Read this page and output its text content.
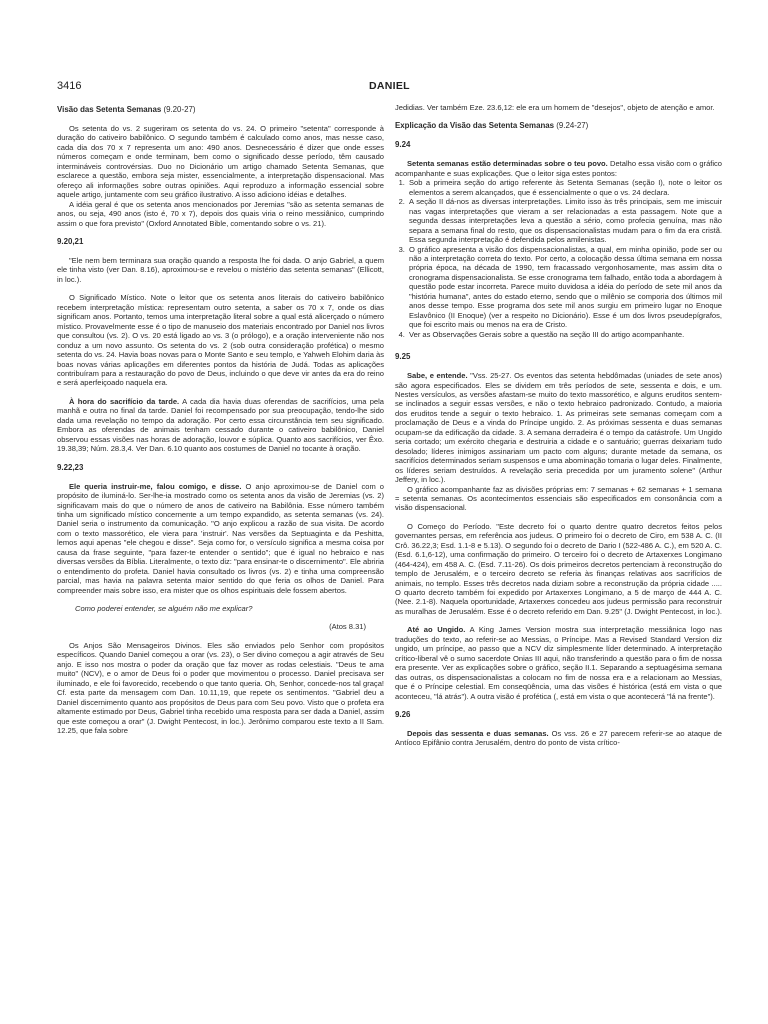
3416	DANIEL
Visão das Setenta Semanas (9.20-27)

Os setenta do vs. 2 sugeriram os setenta do vs. 24. O primeiro "setenta" corresponde à duração do cativeiro babilônico. O segundo também é calculado como anos, mas nesse caso, cada dia dos 70 x 7 representa um ano: 490 anos. Desnecessário é dizer que onde esses números começam e onde terminam, bem como o significado desse período, têm causado intermináveis controvérsias. Duo no Dicionário um artigo chamado Setenta Semanas, que esclarece a questão, embora seja mister, essencialmente, a interpretação dispensacional. Mas ofereço ali informações sobre outras opiniões. Aqui reproduzo a informação essencial sobre aquele artigo, juntamente com seu gráfico ilustrativo. A isso adiciono idéias e detalhes.

A idéia geral é que os setenta anos mencionados por Jeremias "são as setenta semanas de anos, ou seja, 490 anos (isto é, 70 x 7), depois dos quais viria o reino messiânico, cumprindo assim o que fora previsto" (Oxford Annotated Bible, comentando sobre o vs. 21).

9.20,21

"Ele nem bem terminara sua oração quando a resposta lhe foi dada. O anjo Gabriel, a quem ele tinha visto (ver Dan. 8.16), aproximou-se e revelou o mistério das setenta semanas" (Ellicott, in loc.).

O Significado Místico. Note o leitor que os setenta anos literais do cativeiro babilônico recebem interpretação mística: representam outro setenta, a saber os 70 x 7, onde os dias significam anos. Portanto, temos uma interpretação literal sobre a qual está alicerçado o número místico. Provavelmente esse é o tipo de manuseio dos materiais encontrado por Daniel nos livros que consultou (vs. 2). O vs. 20 está ligado ao vs. 3 (o prólogo), e a oração interveniente não nos conduz a um novo assunto. Os setenta do vs. 2 (sob outra consideração profética) o mesmo setenta do vs. 24. Havia boas novas para o Monte Santo e seu templo, e Yahweh Elohim daria às boas novas várias aplicações em diferentes pontos da história de Judá. Todas as aplicações contribuíram para a restauração do povo de Deus, incluindo o que deve vir antes da era do reino e será aperfeiçoado naquela era.

À hora do sacrifício da tarde. A cada dia havia duas oferendas de sacrifícios, uma pela manhã e outra no final da tarde. Daniel foi recompensado por sua preocupação, tendo-lhe sido dada uma revelação no tempo da adoração. Por certo essa circunstância tem seu significado. Embora as oferendas de animais tenham cessado durante o cativeiro babilônico, Daniel observou essas visões nas horas de adoração, louvor e súplica. Quanto aos sacrifícios, ver Êxo. 19.38,39; Núm. 28.3,4. Ver Dan. 6.10 quanto aos costumes de Daniel no tocante à oração.

9.22,23

Ele queria instruir-me, falou comigo, e disse. O anjo aproximou-se de Daniel com o propósito de iluminá-lo. Ser-lhe-ia mostrado como os setenta anos da visão de Jeremias (vs. 2) significavam mais do que o número de anos de cativeiro na Babilônia. Esse número também tinha um significado místico concernente a um tempo expandido, as setenta semanas (vs. 24). Daniel seria o instrumento da comunicação. "O anjo explicou a razão de sua visita. De acordo com o texto massorético, ele viera para 'instruir'. Nas versões da Septuaginta e da Peshitta, lemos aqui apenas "ele chegou e disse". Seja como for, o versículo significa a mesma coisa por causa da frase seguinte, "para fazer-te entender o sentido"; que é igual no hebraico e nas diversas versões da Bíblia. Literalmente, o texto diz: "para ensinar-te o discernimento". Ele abriria o entendimento do profeta. Daniel havia consultado os livros (vs. 2) e tinha uma compreensão parcial, mas havia na palavra setenta maior sentido do que feria os olhos de Daniel. Para compreender mais sobre isso, era mister que os olhos espirituais dele fossem abertos.

Como poderei entender, se alguém não me explicar?

(Atos 8.31)

Os Anjos São Mensageiros Divinos. Eles são enviados pelo Senhor com propósitos específicos. Quando Daniel começou a orar (vs. 23), o Ser divino começou a agir através de Seu anjo. E isso nos mostra o poder da oração que faz mover as rodas celestiais. "Deus te ama muito" (NCV), e o amor de Deus foi o poder que movimentou o processo. Daniel precisava ser iluminado, e ele foi favorecido, recebendo o que tanto queria. Oh, Senhor, concede-nos tal graça! Cf. esta parte da mensagem com Dan. 10.11,19, que repete os sentimentos. "Gabriel deu a Daniel discernimento quanto aos propósitos de Deus para com Seu povo. Visto que o profeta era altamente estimado por Deus, Gabriel tinha recebido uma resposta para ser dada a Daniel, assim que este começou a orar" (J. Dwight Pentecost, in loc.). Jerônimo comparou este texto a II Sam. 12.25, que fala sobre

Jedidias. Ver também Eze. 23.6,12: ele era um homem de "desejos", objeto de atenção e amor.

Explicação da Visão das Setenta Semanas (9.24-27)

9.24

Setenta semanas estão determinadas sobre o teu povo. Detalho essa visão com o gráfico acompanhante e suas explicações. Que o leitor siga estes pontos:

1. Sob a primeira seção do artigo referente às Setenta Semanas (seção I), note o leitor os elementos a serem alcançados, que é essencialmente o que o vs. 24 declara.
2. A seção II dá-nos as diversas interpretações. Limito isso às três principais, sem me imiscuir nas vagas interpretações que vieram a ser relacionadas a esta passagem. Note que a segunda dessas interpretações leva a questão a sério, como profecia genuína, mas não separa a semana final do resto, que os dispensacionalistas mudam para o fim da era cristã. Essa segunda interpretação é defendida pelos amilenistas.
3. O gráfico apresenta a visão dos dispensacionalistas, a qual, em minha opinião, pode ser ou não a interpretação correta do texto. Por certo, a colocação dessa última semana em nossa própria época, na década de 1990, tem fracassado vergonhosamente, mas assim dita o cronograma dispensacionalista. Se esse cronograma tem falhado, então toda a abordagem à questão pode estar incorreta. Parece muito duvidosa a idéia do período de sete mil anos da "história humana", antes do estado eterno, sendo que o milênio se comporia dos últimos mil anos desse tempo. Esse programa dos sete mil anos surgiu em primeiro lugar no Enoque Eslavônico (II Enoque) (ver a respeito no Dicionário). Esse é um dos livros pseudepígrafos, que foi escrito mais ou menos na era de Cristo.
4. Ver as Observações Gerais sobre a questão na seção III do artigo acompanhante.

9.25

Sabe, e entende. "Vss. 25-27. Os eventos das setenta hebdômadas (uniades de sete anos) são agora especificados. Eles se dividem em três períodos de sete, sessenta e dois, e um. Nestes versículos, as versões afastam-se muito do texto massorético, e alguns eruditos sentem-se inclinados a seguir essas versões, e não o texto hebraico padronizado. Contudo, a maioria dos eruditos tende a seguir o texto hebraico. 1. As primeiras sete semanas começam com a proclamação de Deus e a vinda do Príncipe ungido. 2. As próximas sessenta e duas semanas ocupam-se da edificação da cidade. 3. A semana derradeira é o tempo da catástrofe. Um Ungido seria cortado; um exército chegaria e destruiria a cidade e o santuário; guerras deixariam tudo desolado; líderes inimigos assinariam um pacto com alguns; durante metade da semana, os sacrifícios determinados seriam suspensos e uma abominação tomaria o lugar deles. Finalmente, os líderes seriam destruídos. A revelação seria precedida por um juramento solene" (Arthur Jeffery, in loc.).

O gráfico acompanhante faz as divisões próprias em: 7 semanas + 62 semanas + 1 semana = setenta semanas. Os acontecimentos essenciais são especificados em consonância com a visão dispensacional.

O Começo do Período. "Este decreto foi o quarto dentre quatro decretos feitos pelos governantes persas, em referência aos judeus. O primeiro foi o decreto de Ciro, em 538 A. C. (II Crô. 36.22,3; Esd. 1.1-8 e 5.13). O segundo foi o decreto de Dario I (522-486 A. C.), em 520 A. C. (Esd. 6.1,6-12), uma confirmação do primeiro. O terceiro foi o decreto de Artaxerxes Longimano (464-424), em 458 A. C. (Esd. 7.11-26). Os dois primeiros decretos pertenciam à reconstrução do templo de Jerusalém, e o terceiro decreto se referia às finanças relativas aos sacrifícios de animais, no templo. Esses três decretos nada diziam sobre a reconstrução da própria cidade ..... O quarto decreto também foi expedido por Artaxerxes Longimano, a 5 de março de 444 A. C. (Nee. 2.1-8). Naquela oportunidade, Artaxerxes concedeu aos judeus permissão para reconstruir as muralhas de Jerusalém. Esse é o decreto referido em Dan. 9.25" (J. Dwight Pentecost, in loc.).

Até ao Ungido. A King James Version mostra sua interpretação messiânica logo nas traduções do texto, ao referir-se ao Messias, o Príncipe. Mas a Revised Standard Version diz ungido, um príncipe, ao passo que a NCV diz simplesmente líder determinado. A interpretação crítico-liberal vê o sumo sacerdote Onias III aqui, não transferindo a questão para o fim de nossa era presente. Ver as explicações sobre o gráfico, seção II.1. Separando a septuagésima semana das outras, os dispensacionalistas a colocam no fim de nossa era e a relacionam ao Messias, que é o Príncipe celestial. Em conseqüência, uma das visões é histórica (está em vista o que aconteceu, "lá atrás"). A outra visão é profética (, está em vista o que acontecerá "lá na frente").

9.26

Depois das sessenta e duas semanas. Os vss. 26 e 27 parecem referir-se ao ataque de Antíoco Epifânio contra Jerusalém, dentro do ponto de vista crítico-
